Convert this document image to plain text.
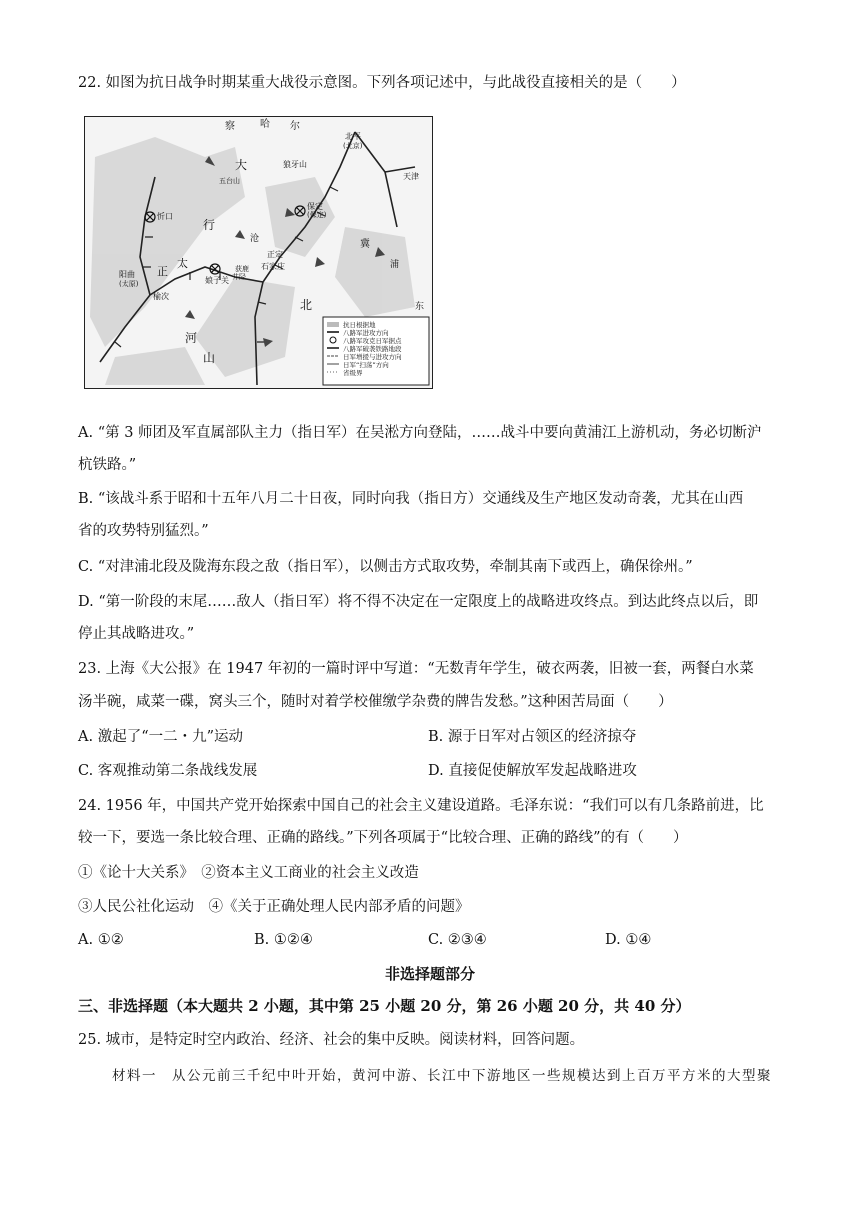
22. 如图为抗日战争时期某重大战役示意图。下列各项记述中，与此战役直接相关的是（　　）
察	哈 尔
北平
(北京)
天津
大	狼牙山
五台山
忻口
保定
(保定)
行
沧
石家庄
正定
获鹿
娘子关 井陉
阳曲
(太原)
榆次
正
太
山
河
北
冀
浦
东
抗日根据地
八路军进攻方向
八路军攻克日军据点
八路军破袭铁路地段
日军增援与进攻方向
日军“扫荡”方向
省级界
A. “第 3 师团及军直属部队主力（指日军）在吴淞方向登陆，……战斗中要向黄浦江上游机动，务必切断沪
杭铁路。”
B. “该战斗系于昭和十五年八月二十日夜，同时向我（指日方）交通线及生产地区发动奇袭，尤其在山西
省的攻势特别猛烈。”
C. “对津浦北段及陇海东段之敌（指日军），以侧击方式取攻势，牵制其南下或西上，确保徐州。”
D. “第一阶段的末尾……敌人（指日军）将不得不决定在一定限度上的战略进攻终点。到达此终点以后，即
停止其战略进攻。”
23. 上海《大公报》在 1947 年初的一篇时评中写道：“无数青年学生，破衣两袭，旧被一套，两餐白水菜
汤半碗，咸菜一碟，窝头三个，随时对着学校催缴学杂费的牌告发愁。”这种困苦局面（　　）
A. 激起了“一二・九”运动	B. 源于日军对占领区的经济掠夺
C. 客观推动第二条战线发展	D. 直接促使解放军发起战略进攻
24. 1956 年，中国共产党开始探索中国自己的社会主义建设道路。毛泽东说：“我们可以有几条路前进，比
较一下，要选一条比较合理、正确的路线。”下列各项属于“比较合理、正确的路线”的有（　　）
①《论十大关系》　②资本主义工商业的社会主义改造
③人民公社化运动　④《关于正确处理人民内部矛盾的问题》
A. ①②	B. ①②④	C. ②③④	D. ①④
非选择题部分
三、非选择题（本大题共 2 小题，其中第 25 小题 20 分，第 26 小题 20 分，共 40 分）
25. 城市，是特定时空内政治、经济、社会的集中反映。阅读材料，回答问题。
材料一　从公元前三千纪中叶开始，黄河中游、长江中下游地区一些规模达到上百万平方米的大型聚
